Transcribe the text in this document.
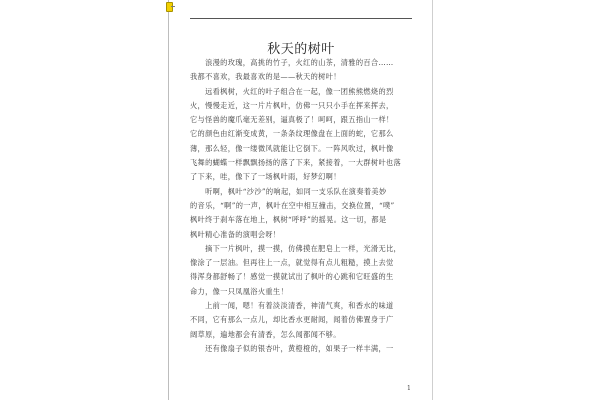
秋天的树叶

　　浪漫的玫瑰，高挑的竹子，火红的山茶，清雅的百合……
我都不喜欢，我最喜欢的是——秋天的树叶！

　　远看枫树，火红的叶子组合在一起，像一团熊熊燃烧的烈
火，慢慢走近，这一片片枫叶，仿佛一只只小手在挥来挥去，
它与怪兽的魔爪毫无差别，逼真极了！呵呵，跟五指山一样！
它的颜色由红渐变成黄，一条条纹理像盘在上面的蛇，它那么
薄，那么轻，像一缕微风就能让它倒下。一阵风吹过，枫叶像
飞舞的蝴蝶一样飘飘扬扬的落了下来，紧接着，一大群树叶也落
了下来，哇，像下了一场枫叶雨，好梦幻啊！

　　听啊，枫叶“沙沙”的响起，如同一支乐队在演奏着美妙
的音乐，“啊”的一声，枫叶在空中相互撞击，交换位置，“噗”
枫叶终于刹车落在地上，枫树“呼呼”的摇晃。这一切，都是
枫叶精心准备的演唱会呀！

　　摘下一片枫叶，摸一摸，仿佛摸在肥皂上一样，光滑无比，
像涂了一层油。但再往上一点，就觉得有点儿粗糙，摸上去觉
得浑身都舒畅了！感觉一摸就试出了枫叶的心跳和它旺盛的生
命力，像一只凤凰浴火重生！

　　上前一闻，嗯！有着淡淡清香，神清气爽，和香水的味道
不同，它有那么一点儿，却比香水更耐闻，闻着仿佛置身于广
阔草原，遍地都会有清香，怎么闻都闻不够。

　　还有像扇子似的银杏叶，黄橙橙的，如果子一样丰满，一

1
